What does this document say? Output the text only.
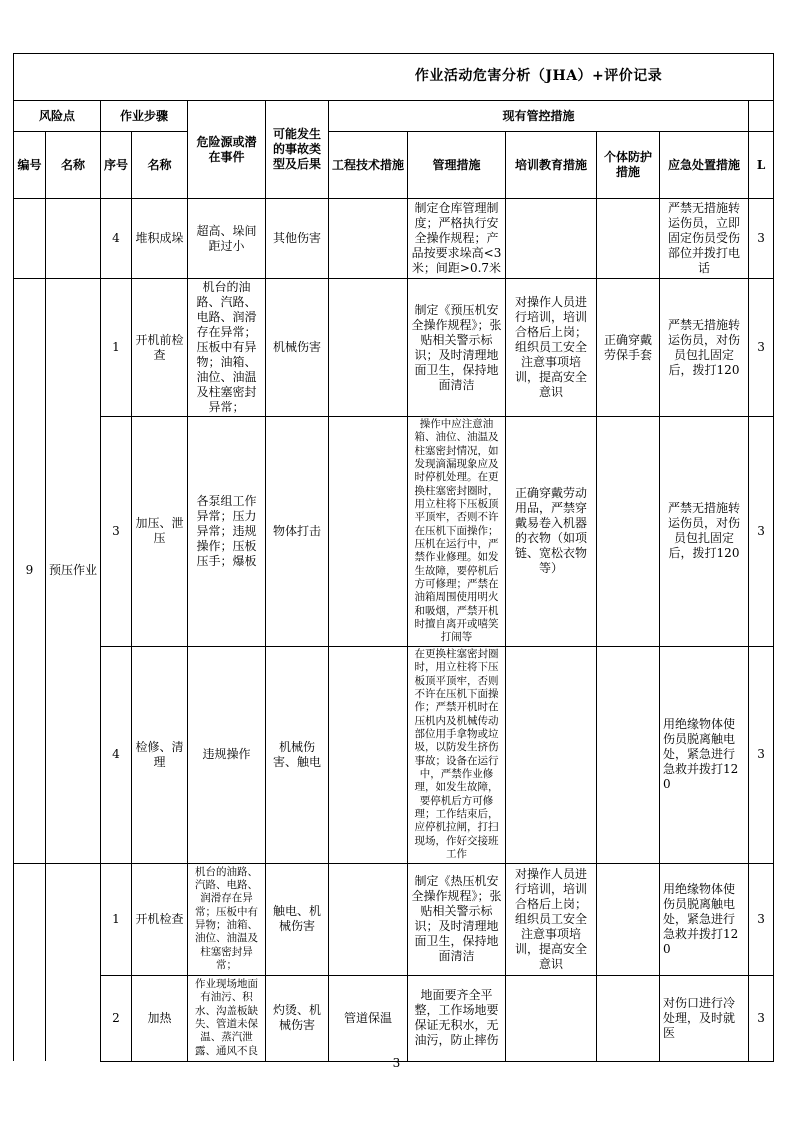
作业活动危害分析（JHA）+评价记录											
风险点		作业步骤		危险源或潜在事件	可能发生的事故类型及后果	现有管控措施					
编号	名称	序号	名称			工程技术措施	管理措施	培训教育措施	个体防护措施	应急处置措施	L
		4	堆积成垛	超高、垛间距过小	其他伤害		制定仓库管理制度；严格执行安全操作规程；产品按要求垛高<3米；间距>0.7米			严禁无措施转运伤员，立即固定伤员受伤部位并拨打电话	3
9	预压作业	1	开机前检查	机台的油路、汽路、电路、润滑存在异常；压板中有异物；油箱、油位、油温及柱塞密封异常；	机械伤害		制定《预压机安全操作规程》；张贴相关警示标识；及时清理地面卫生，保持地面清洁	对操作人员进行培训，培训合格后上岗；组织员工安全注意事项培训，提高安全意识	正确穿戴劳保手套	严禁无措施转运伤员，对伤员包扎固定后，拨打120	3
		3	加压、泄压	各泵组工作异常；压力异常；违规操作；压板压手；爆板	物体打击		操作中应注意油箱、油位、油温及柱塞密封情况，如发现滴漏现象应及时停机处理。在更换柱塞密封圈时，用立柱将下压板顶平顶牢，否则不许在压机下面操作；压机在运行中，严禁作业修理。如发生故障，要停机后方可修理；严禁在油箱周围使用明火和吸烟，严禁开机时擅自离开或嘻笑打闹等	正确穿戴劳动用品，严禁穿戴易卷入机器的衣物（如项链、宽松衣物等）		严禁无措施转运伤员，对伤员包扎固定后，拨打120	3
		4	检修、清理	违规操作	机械伤害、触电		在更换柱塞密封圈时，用立柱将下压板顶平顶牢，否则不许在压机下面操作；严禁开机时在压机内及机械传动部位用手拿物或垃圾，以防发生挤伤事故；设备在运行中，严禁作业修理，如发生故障，要停机后方可修理；工作结束后，应停机拉闸，打扫现场，作好交接班工作			用绝缘物体使伤员脱离触电处，紧急进行急救并拨打120	3
		1	开机检查	机台的油路、汽路、电路、润滑存在异常；压板中有异物；油箱、油位、油温及柱塞密封异常；	触电、机械伤害		制定《热压机安全操作规程》；张贴相关警示标识；及时清理地面卫生，保持地面清洁	对操作人员进行培训，培训合格后上岗；组织员工安全注意事项培训，提高安全意识		用绝缘物体使伤员脱离触电处，紧急进行急救并拨打120	3
		2	加热	作业现场地面有油污、积水、沟盖板缺失、管道未保温、蒸汽泄露、通风不良	灼烫、机械伤害	管道保温	地面要齐全平整，工作场地要保证无积水，无油污，防止摔伤			对伤口进行冷处理，及时就医	3
3
